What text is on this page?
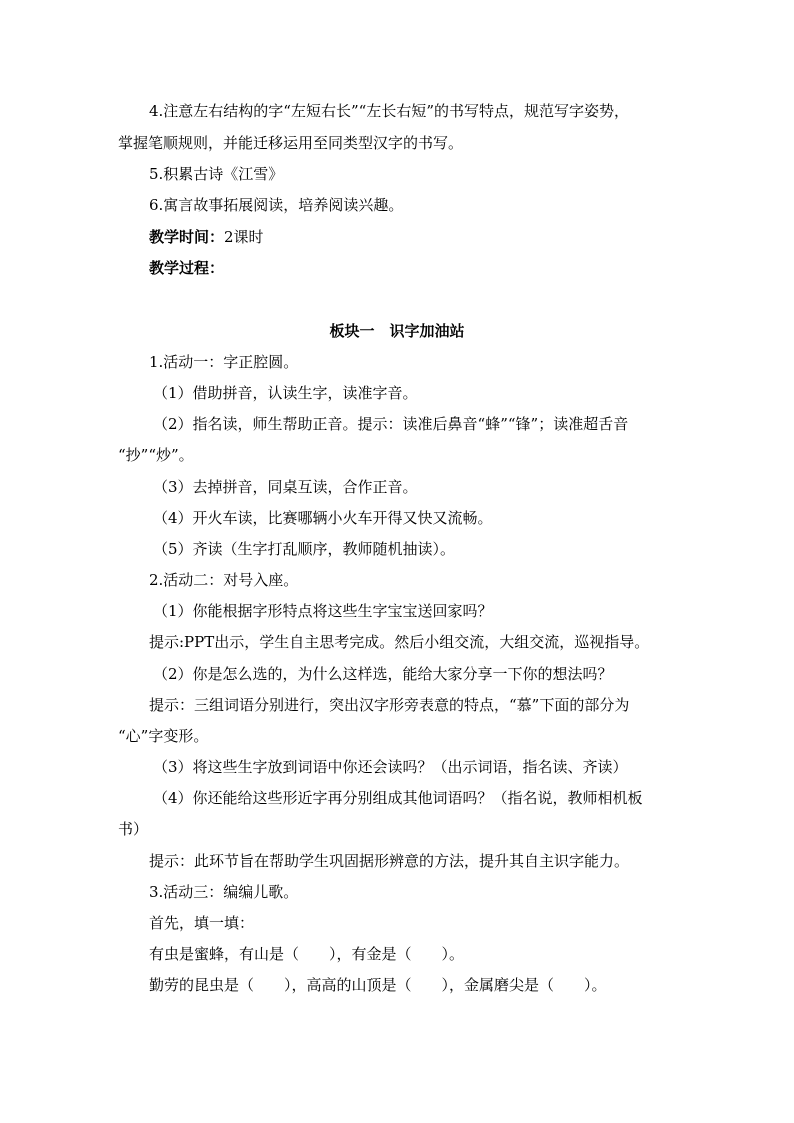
4.注意左右结构的字“左短右长”“左长右短”的书写特点，规范写字姿势，

掌握笔顺规则，并能迁移运用至同类型汉字的书写。

5.积累古诗《江雪》

6.寓言故事拓展阅读，培养阅读兴趣。

教学时间：2课时

教学过程：

板块一　识字加油站

1.活动一：字正腔圆。

（1）借助拼音，认读生字，读准字音。

（2）指名读，师生帮助正音。提示：读准后鼻音“蜂”“锋”；读准超舌音

“抄”“炒”。

（3）去掉拼音，同桌互读，合作正音。

（4）开火车读，比赛哪辆小火车开得又快又流畅。

（5）齐读（生字打乱顺序，教师随机抽读）。

2.活动二：对号入座。

（1）你能根据字形特点将这些生字宝宝送回家吗？

提示:PPT出示，学生自主思考完成。然后小组交流，大组交流，巡视指导。

（2）你是怎么选的，为什么这样选，能给大家分享一下你的想法吗？

提示：三组词语分别进行，突出汉字形旁表意的特点，“慕”下面的部分为

“心”字变形。

（3）将这些生字放到词语中你还会读吗？（出示词语，指名读、齐读）

（4）你还能给这些形近字再分别组成其他词语吗？（指名说，教师相机板

书）

提示：此环节旨在帮助学生巩固据形辨意的方法，提升其自主识字能力。

3.活动三：编编儿歌。

首先，填一填：

有虫是蜜蜂，有山是（　　），有金是（　　）。

勤劳的昆虫是（　　），高高的山顶是（　　），金属磨尖是（　　）。
